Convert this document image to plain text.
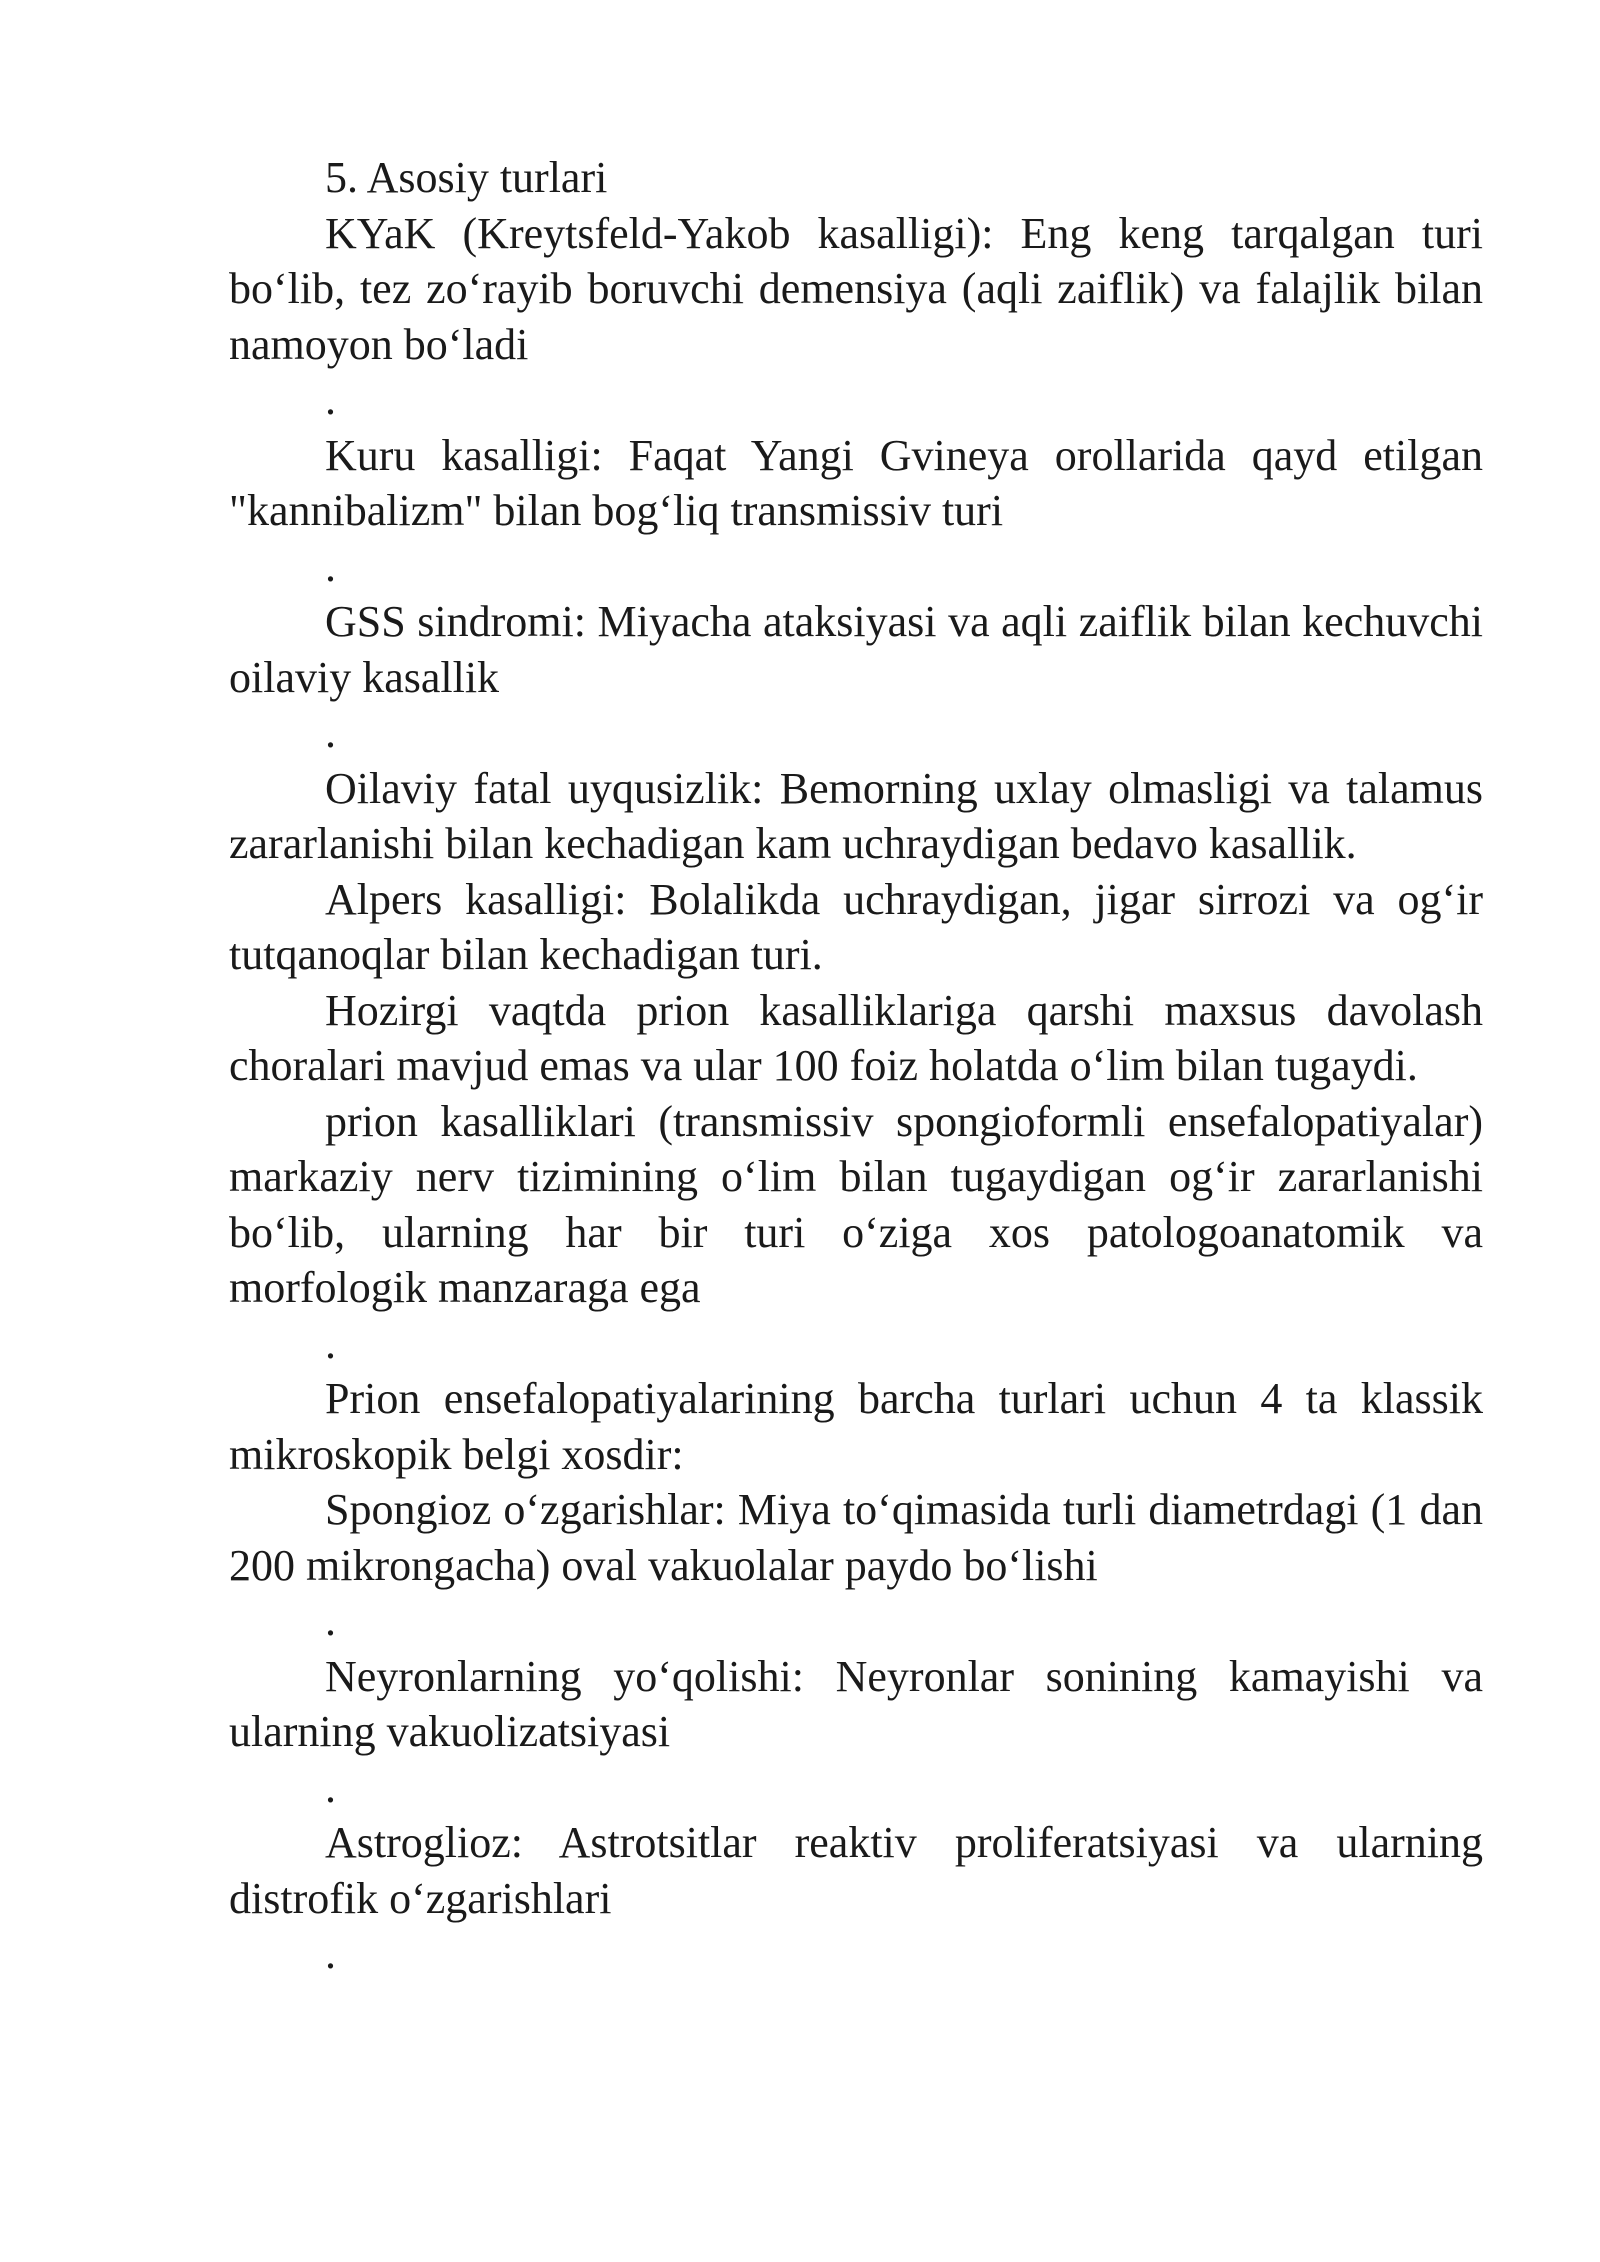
5. Asosiy turlari

KYaK (Kreytsfeld-Yakob kasalligi): Eng keng tarqalgan turi bo‘lib, tez zo‘rayib boruvchi demensiya (aqli zaiflik) va falajlik bilan namoyon bo‘ladi

.

Kuru kasalligi: Faqat Yangi Gvineya orollarida qayd etilgan "kannibalizm" bilan bog‘liq transmissiv turi

.

GSS sindromi: Miyacha ataksiyasi va aqli zaiflik bilan kechuvchi oilaviy kasallik

.

Oilaviy fatal uyqusizlik: Bemorning uxlay olmasligi va talamus zararlanishi bilan kechadigan kam uchraydigan bedavo kasallik.

Alpers kasalligi: Bolalikda uchraydigan, jigar sirrozi va og‘ir tutqanoqlar bilan kechadigan turi.

Hozirgi vaqtda prion kasalliklariga qarshi maxsus davolash choralari mavjud emas va ular 100 foiz holatda o‘lim bilan tugaydi.

prion kasalliklari (transmissiv spongioformli ensefalopatiyalar) markaziy nerv tizimining o‘lim bilan tugaydigan og‘ir zararlanishi bo‘lib, ularning har bir turi o‘ziga xos patologoanatomik va morfologik manzaraga ega

.

Prion ensefalopatiyalarining barcha turlari uchun 4 ta klassik mikroskopik belgi xosdir:

Spongioz o‘zgarishlar: Miya to‘qimasida turli diametrdagi (1 dan 200 mikrongacha) oval vakuolalar paydo bo‘lishi

.

Neyronlarning yo‘qolishi: Neyronlar sonining kamayishi va ularning vakuolizatsiyasi

.

Astroglioz: Astrotsitlar reaktiv proliferatsiyasi va ularning distrofik o‘zgarishlari

.
